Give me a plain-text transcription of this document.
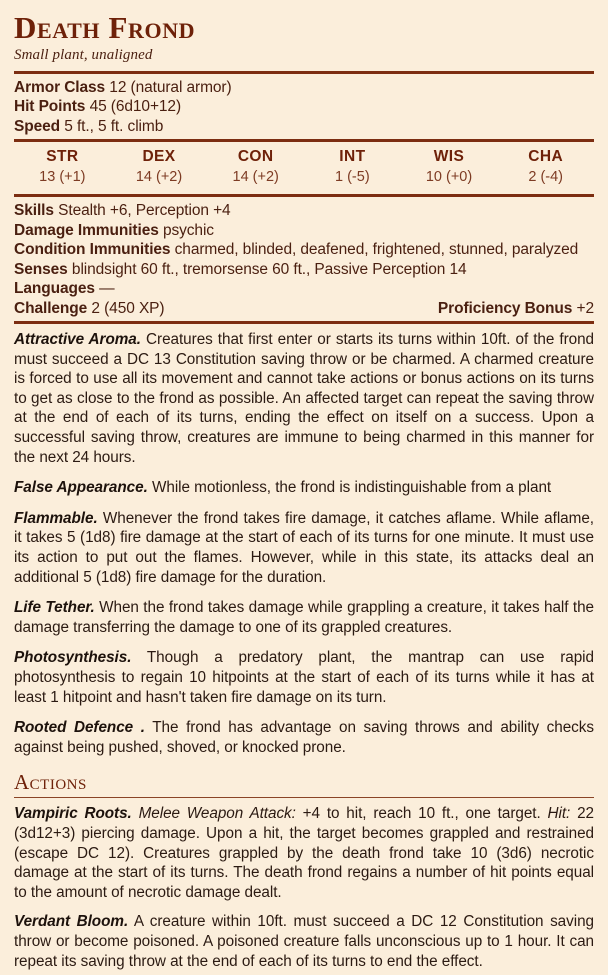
Death Frond
Small plant, unaligned
Armor Class 12 (natural armor)
Hit Points 45 (6d10+12)
Speed 5 ft., 5 ft. climb
STR
13 (+1)
DEX
14 (+2)
CON
14 (+2)
INT
1 (-5)
WIS
10 (+0)
CHA
2 (-4)
Skills Stealth +6, Perception +4
Damage Immunities psychic
Condition Immunities charmed, blinded, deafened, frightened, stunned, paralyzed
Senses blindsight 60 ft., tremorsense 60 ft., Passive Perception 14
Languages —
Challenge 2 (450 XP)	Proficiency Bonus +2

Attractive Aroma. Creatures that first enter or starts its turns within 10ft. of the frond must succeed a DC 13 Constitution saving throw or be charmed. A charmed creature is forced to use all its movement and cannot take actions or bonus actions on its turns to get as close to the frond as possible. An affected target can repeat the saving throw at the end of each of its turns, ending the effect on itself on a success. Upon a successful saving throw, creatures are immune to being charmed in this manner for the next 24 hours.

False Appearance. While motionless, the frond is indistinguishable from a plant

Flammable. Whenever the frond takes fire damage, it catches aflame. While aflame, it takes 5 (1d8) fire damage at the start of each of its turns for one minute. It must use its action to put out the flames. However, while in this state, its attacks deal an additional 5 (1d8) fire damage for the duration.

Life Tether. When the frond takes damage while grappling a creature, it takes half the damage transferring the damage to one of its grappled creatures.

Photosynthesis. Though a predatory plant, the mantrap can use rapid photosynthesis to regain 10 hitpoints at the start of each of its turns while it has at least 1 hitpoint and hasn't taken fire damage on its turn.

Rooted Defence . The frond has advantage on saving throws and ability checks against being pushed, shoved, or knocked prone.

Actions

Vampiric Roots. Melee Weapon Attack: +4 to hit, reach 10 ft., one target. Hit: 22 (3d12+3) piercing damage. Upon a hit, the target becomes grappled and restrained (escape DC 12). Creatures grappled by the death frond take 10 (3d6) necrotic damage at the start of its turns. The death frond regains a number of hit points equal to the amount of necrotic damage dealt.

Verdant Bloom. A creature within 10ft. must succeed a DC 12 Constitution saving throw or become poisoned. A poisoned creature falls unconscious up to 1 hour. It can repeat its saving throw at the end of each of its turns to end the effect.
